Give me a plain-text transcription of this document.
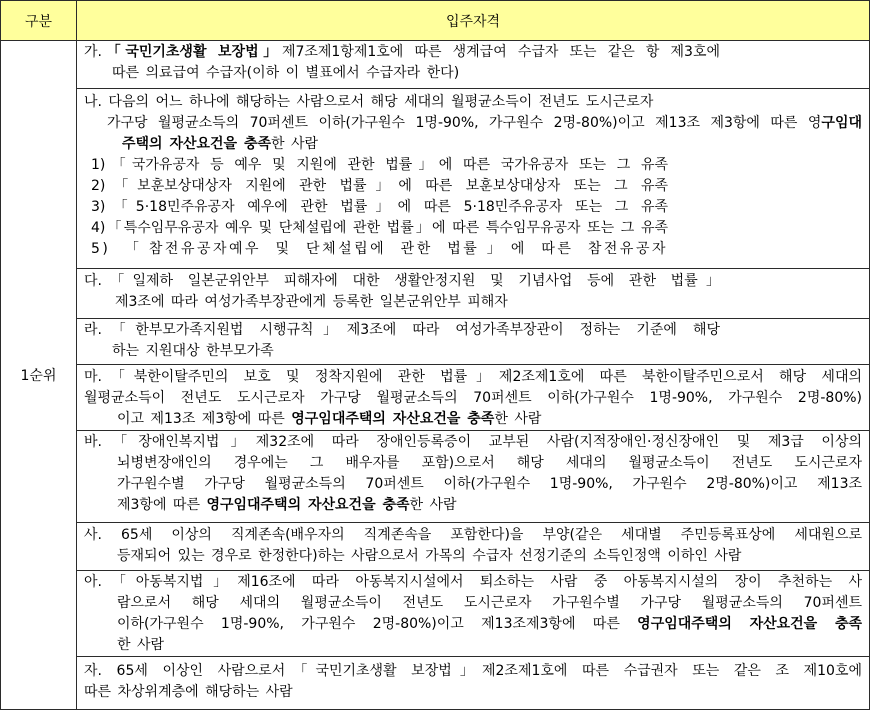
구분	입주자격
1순위
가.「국민기초생활 보장법」제7조제1항제1호에 따른 생계급여 수급자 또는 같은 항 제3호에
따른 의료급여 수급자(이하 이 별표에서 수급자라 한다)
나. 다음의 어느 하나에 해당하는 사람으로서 해당 세대의 월평균소득이 전년도 도시근로자
가구당 월평균소득의 70퍼센트 이하(가구원수 1명-90%, 가구원수 2명-80%)이고 제13조 제3항에 따른 영구임대
주택의 자산요건을 충족한 사람
1)「국가유공자 등 예우 및 지원에 관한 법률」에 따른 국가유공자 또는 그 유족
2)「보훈보상대상자 지원에 관한 법률」에 따른 보훈보상대상자 또는 그 유족
3)「5·18민주유공자 예우에 관한 법률」에 따른 5·18민주유공자 또는 그 유족
4)「특수임무유공자 예우 및 단체설립에 관한 법률」에 따른 특수임무유공자 또는 그 유족
5) 「참전유공자예우 및 단체설립에 관한 법률」에 따른 참전유공자
다.「일제하 일본군위안부 피해자에 대한 생활안정지원 및 기념사업 등에 관한 법률」
제3조에 따라 여성가족부장관에게 등록한 일본군위안부 피해자
라.「한부모가족지원법 시행규칙」제3조에 따라 여성가족부장관이 정하는 기준에 해당
하는 지원대상 한부모가족
마.「북한이탈주민의 보호 및 정착지원에 관한 법률」제2조제1호에 따른 북한이탈주민으로서 해당 세대의
월평균소득이 전년도 도시근로자 가구당 월평균소득의 70퍼센트 이하(가구원수 1명-90%, 가구원수 2명-80%)
이고 제13조 제3항에 따른 영구임대주택의 자산요건을 충족한 사람
바.「장애인복지법」제32조에 따라 장애인등록증이 교부된 사람(지적장애인·정신장애인 및 제3급 이상의
뇌병변장애인의 경우에는 그 배우자를 포함)으로서 해당 세대의 월평균소득이 전년도 도시근로자
가구원수별 가구당 월평균소득의 70퍼센트 이하(가구원수 1명-90%, 가구원수 2명-80%)이고 제13조
제3항에 따른 영구임대주택의 자산요건을 충족한 사람
사. 65세 이상의 직계존속(배우자의 직계존속을 포함한다)을 부양(같은 세대별 주민등록표상에 세대원으로
등재되어 있는 경우로 한정한다)하는 사람으로서 가목의 수급자 선정기준의 소득인정액 이하인 사람
아.「아동복지법」제16조에 따라 아동복지시설에서 퇴소하는 사람 중 아동복지시설의 장이 추천하는 사
람으로서 해당 세대의 월평균소득이 전년도 도시근로자 가구원수별 가구당 월평균소득의 70퍼센트
이하(가구원수 1명-90%, 가구원수 2명-80%)이고 제13조제3항에 따른 영구임대주택의 자산요건을 충족
한 사람
자. 65세 이상인 사람으로서「국민기초생활 보장법」제2조제1호에 따른 수급권자 또는 같은 조 제10호에
따른 차상위계층에 해당하는 사람
